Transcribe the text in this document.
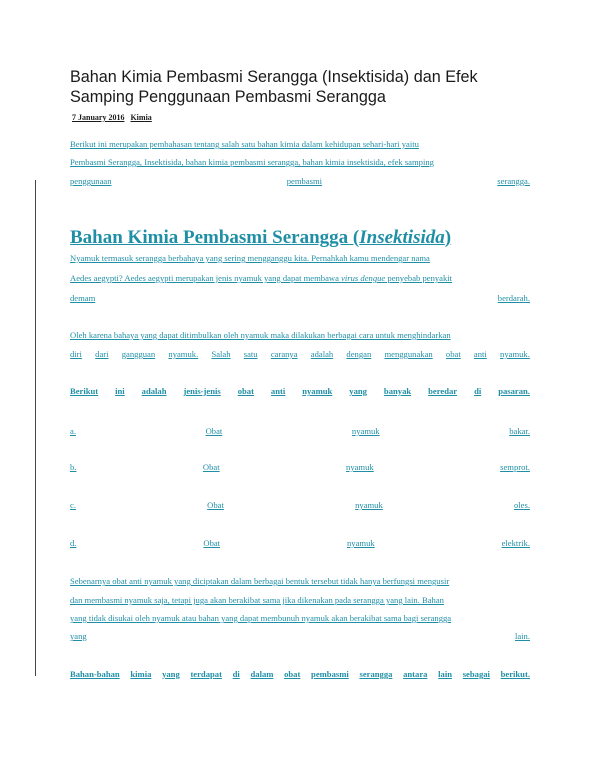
Bahan Kimia Pembasmi Serangga (Insektisida) dan Efek Samping Penggunaan Pembasmi Serangga
7 January 2016 Kimia
Berikut ini merupakan pembahasan tentang salah satu bahan kimia dalam kehidupan sehari-hari yaitu
Pembasmi Serangga, Insektisida, bahan kimia pembasmi serangga, bahan kimia insektisida, efek samping
penggunaan	pembasmi	serangga.
Bahan Kimia Pembasmi Serangga (Insektisida)
Nyamuk termasuk serangga berbahaya yang sering mengganggu kita. Pernahkah kamu mendengar nama
Aedes aegypti? Aedes aegypti merupakan jenis nyamuk yang dapat membawa virus dengue penyebab penyakit
demam	berdarah.
Oleh karena bahaya yang dapat ditimbulkan oleh nyamuk maka dilakukan berbagai cara untuk menghindarkan
diri dari gangguan nyamuk. Salah satu caranya adalah dengan menggunakan obat anti nyamuk.
Berikut ini adalah jenis-jenis obat anti nyamuk yang banyak beredar di pasaran.
a.	Obat	nyamuk	bakar.
b.	Obat	nyamuk	semprot.
c.	Obat	nyamuk	oles.
d.	Obat	nyamuk	elektrik.
Sebenarnya obat anti nyamuk yang diciptakan dalam berbagai bentuk tersebut tidak hanya berfungsi mengusir
dan membasmi nyamuk saja, tetapi juga akan berakibat sama jika dikenakan pada serangga yang lain. Bahan
yang tidak disukai oleh nyamuk atau bahan yang dapat membunuh nyamuk akan berakibat sama bagi serangga
yang	lain.
Bahan-bahan kimia yang terdapat di dalam obat pembasmi serangga antara lain sebagai berikut.
